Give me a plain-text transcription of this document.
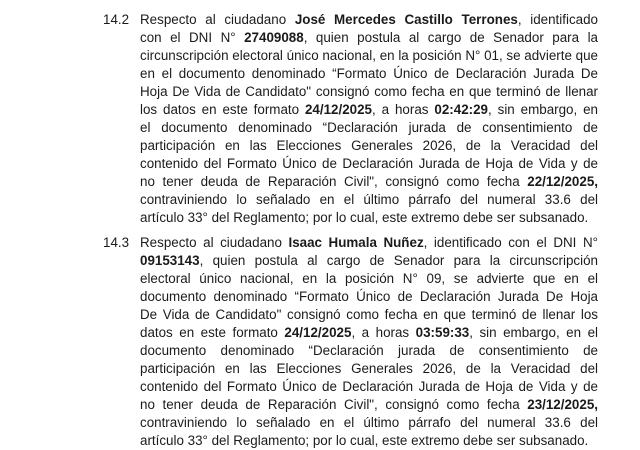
14.2 Respecto al ciudadano José Mercedes Castillo Terrones, identificado
con el DNI N° 27409088, quien postula al cargo de Senador para la
circunscripción electoral único nacional, en la posición N° 01, se advierte que
en el documento denominado “Formato Único de Declaración Jurada De
Hoja De Vida de Candidato" consignó como fecha en que terminó de llenar
los datos en este formato 24/12/2025, a horas 02:42:29, sin embargo, en
el documento denominado “Declaración jurada de consentimiento de
participación en las Elecciones Generales 2026, de la Veracidad del
contenido del Formato Único de Declaración Jurada de Hoja de Vida y de
no tener deuda de Reparación Civil", consignó como fecha 22/12/2025,
contraviniendo lo señalado en el último párrafo del numeral 33.6 del
artículo 33° del Reglamento; por lo cual, este extremo debe ser subsanado.
14.3 Respecto al ciudadano Isaac Humala Nuñez, identificado con el DNI N°
09153143, quien postula al cargo de Senador para la circunscripción
electoral único nacional, en la posición N° 09, se advierte que en el
documento denominado “Formato Único de Declaración Jurada De Hoja
De Vida de Candidato" consignó como fecha en que terminó de llenar los
datos en este formato 24/12/2025, a horas 03:59:33, sin embargo, en el
documento denominado “Declaración jurada de consentimiento de
participación en las Elecciones Generales 2026, de la Veracidad del
contenido del Formato Único de Declaración Jurada de Hoja de Vida y de
no tener deuda de Reparación Civil", consignó como fecha 23/12/2025,
contraviniendo lo señalado en el último párrafo del numeral 33.6 del
artículo 33° del Reglamento; por lo cual, este extremo debe ser subsanado.
